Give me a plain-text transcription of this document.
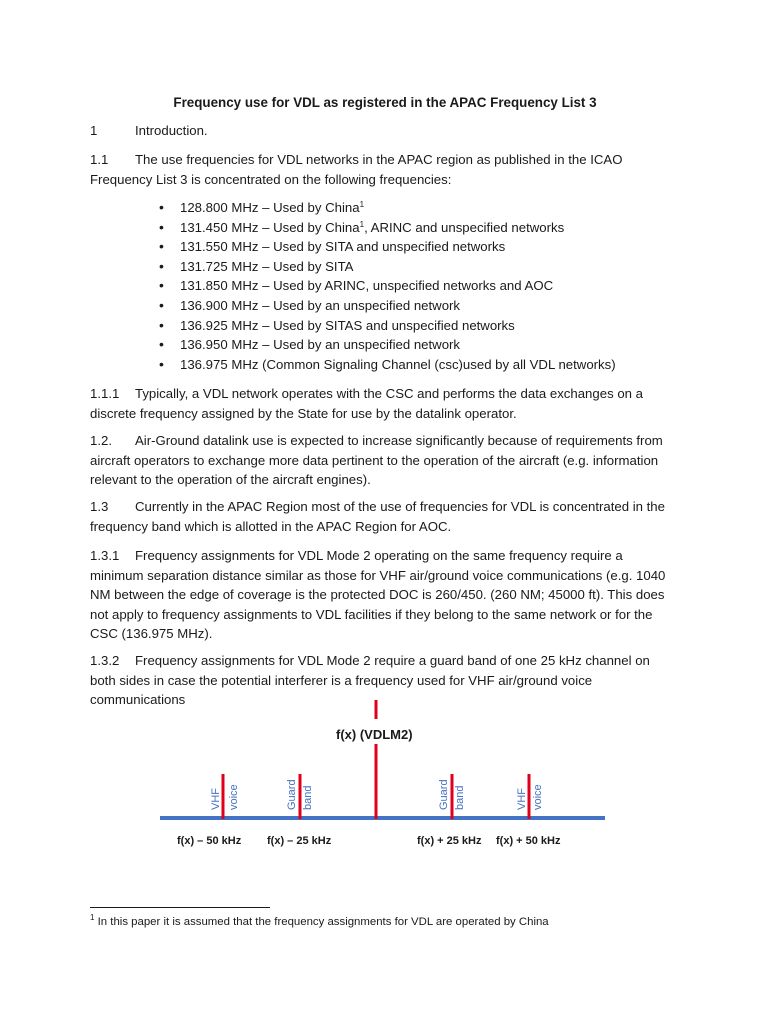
Frequency use for VDL as registered in the APAC Frequency List 3

1	Introduction.

1.1 The use frequencies for VDL networks in the APAC region as published in the ICAO Frequency List 3 is concentrated on the following frequencies:

• 128.800 MHz – Used by China$^1$
• 131.450 MHz – Used by China$^1$, ARINC and unspecified networks
• 131.550 MHz – Used by SITA and unspecified networks
• 131.725 MHz – Used by SITA
• 131.850 MHz – Used by ARINC, unspecified networks and AOC
• 136.900 MHz – Used by an unspecified network
• 136.925 MHz – Used by SITAS and unspecified networks
• 136.950 MHz – Used by an unspecified network
• 136.975 MHz (Common Signaling Channel (csc)used by all VDL networks)

1.1.1 Typically, a VDL network operates with the CSC and performs the data exchanges on a discrete frequency assigned by the State for use by the datalink operator.

1.2. Air-Ground datalink use is expected to increase significantly because of requirements from aircraft operators to exchange more data pertinent to the operation of the aircraft (e.g. information relevant to the operation of the aircraft engines).

1.3 Currently in the APAC Region most of the use of frequencies for VDL is concentrated in the frequency band which is allotted in the APAC Region for AOC.

1.3.1 Frequency assignments for VDL Mode 2 operating on the same frequency require a minimum separation distance similar as those for VHF air/ground voice communications (e.g. 1040 NM between the edge of coverage is the protected DOC is 260/450. (260 NM; 45000 ft). This does not apply to frequency assignments to VDL facilities if they belong to the same network or for the CSC (136.975 MHz).

1.3.2 Frequency assignments for VDL Mode 2 require a guard band of one 25 kHz channel on both sides in case the potential interferer is a frequency used for VHF air/ground voice communications

f(x) (VDLM2)
VHF voice	Guard band	Guard band	VHF voice
f(x) – 50 kHz f(x) – 25 kHz	f(x) + 25 kHz f(x) + 50 kHz
$^1$ In this paper it is assumed that the frequency assignments for VDL are operated by China
